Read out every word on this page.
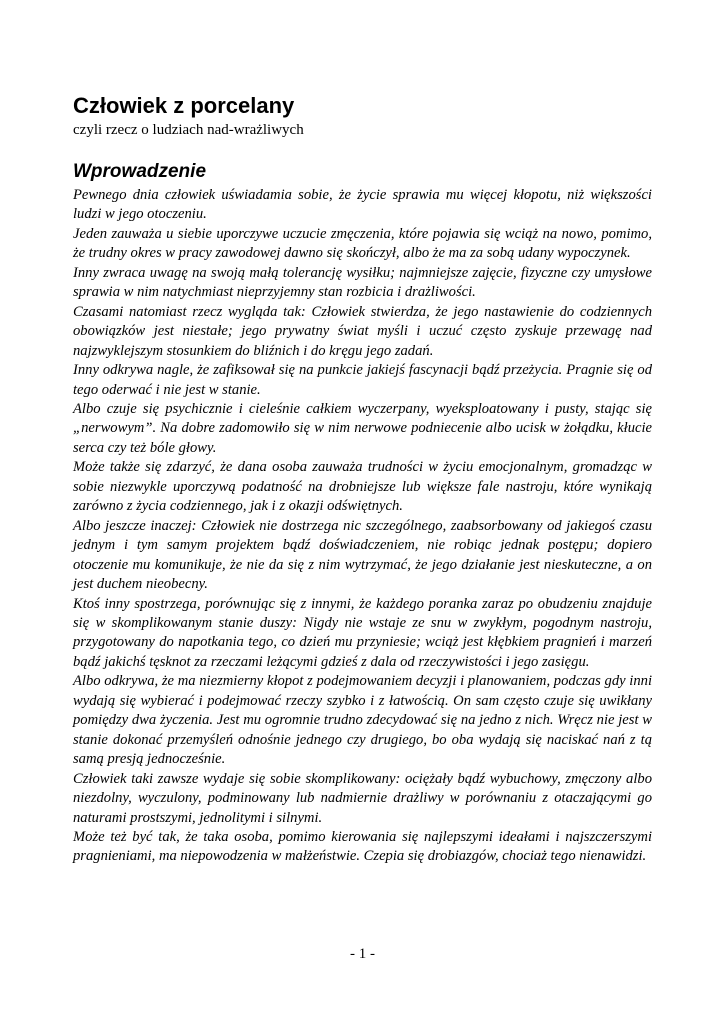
Człowiek z porcelany
czyli rzecz o ludziach nad-wrażliwych
Wprowadzenie

Pewnego dnia człowiek uświadamia sobie, że życie sprawia mu więcej kłopotu, niż większości ludzi w jego otoczeniu.

Jeden zauważa u siebie uporczywe uczucie zmęczenia, które pojawia się wciąż na nowo, pomimo, że trudny okres w pracy zawodowej dawno się skończył, albo że ma za sobą udany wypoczynek.

Inny zwraca uwagę na swoją małą tolerancję wysiłku; najmniejsze zajęcie, fizyczne czy umysłowe sprawia w nim natychmiast nieprzyjemny stan rozbicia i drażliwości.

Czasami natomiast rzecz wygląda tak: Człowiek stwierdza, że jego nastawienie do codziennych obowiązków jest niestałe; jego prywatny świat myśli i uczuć często zyskuje przewagę nad najzwyklejszym stosunkiem do bliźnich i do kręgu jego zadań.

Inny odkrywa nagle, że zafiksował się na punkcie jakiejś fascynacji bądź przeżycia. Pragnie się od tego oderwać i nie jest w stanie.

Albo czuje się psychicznie i cieleśnie całkiem wyczerpany, wyeksploatowany i pusty, stając się „nerwowym”. Na dobre zadomowiło się w nim nerwowe podniecenie albo ucisk w żołądku, kłucie serca czy też bóle głowy.

Może także się zdarzyć, że dana osoba zauważa trudności w życiu emocjonalnym, gromadząc w sobie niezwykle uporczywą podatność na drobniejsze lub większe fale nastroju, które wynikają zarówno z życia codziennego, jak i z okazji odświętnych.

Albo jeszcze inaczej: Człowiek nie dostrzega nic szczególnego, zaabsorbowany od jakiegoś czasu jednym i tym samym projektem bądź doświadczeniem, nie robiąc jednak postępu; dopiero otoczenie mu komunikuje, że nie da się z nim wytrzymać, że jego działanie jest nieskuteczne, a on jest duchem nieobecny.

Ktoś inny spostrzega, porównując się z innymi, że każdego poranka zaraz po obudzeniu znajduje się w skomplikowanym stanie duszy: Nigdy nie wstaje ze snu w zwykłym, pogodnym nastroju, przygotowany do napotkania tego, co dzień mu przyniesie; wciąż jest kłębkiem pragnień i marzeń bądź jakichś tęsknot za rzeczami leżącymi gdzieś z dala od rzeczywistości i jego zasięgu.

Albo odkrywa, że ma niezmierny kłopot z podejmowaniem decyzji i planowaniem, podczas gdy inni wydają się wybierać i podejmować rzeczy szybko i z łatwością. On sam często czuje się uwikłany pomiędzy dwa życzenia. Jest mu ogromnie trudno zdecydować się na jedno z nich. Wręcz nie jest w stanie dokonać przemyśleń odnośnie jednego czy drugiego, bo oba wydają się naciskać nań z tą samą presją jednocześnie.

Człowiek taki zawsze wydaje się sobie skomplikowany: ociężały bądź wybuchowy, zmęczony albo niezdolny, wyczulony, podminowany lub nadmiernie drażliwy w porównaniu z otaczającymi go naturami prostszymi, jednolitymi i silnymi.

Może też być tak, że taka osoba, pomimo kierowania się najlepszymi ideałami i najszczerszymi pragnieniami, ma niepowodzenia w małżeństwie. Czepia się drobiazgów, chociaż tego nienawidzi.

- 1 -
